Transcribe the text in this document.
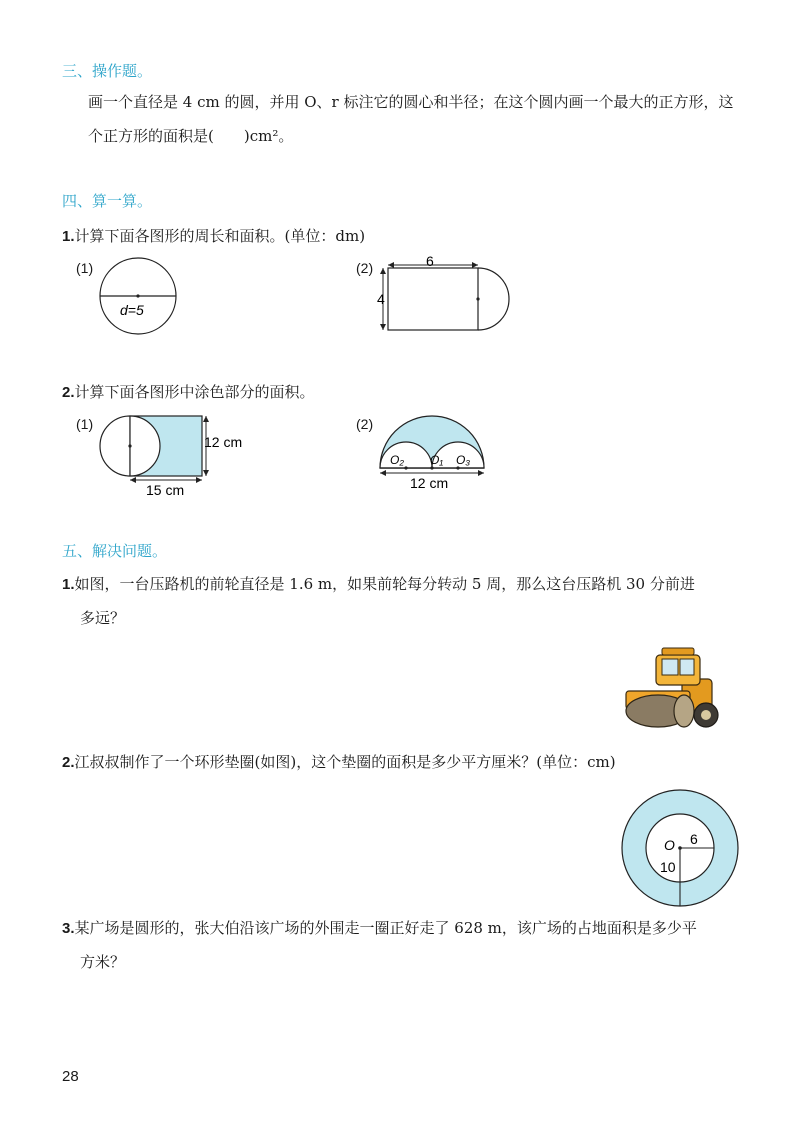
三、操作题。
画一个直径是 4 cm 的圆，并用 O、r 标注它的圆心和半径；在这个圆内画一个最大的正方形，这
个正方形的面积是(　　)cm²。
四、算一算。
1.计算下面各图形的周长和面积。(单位：dm)
(1)
d=5
(2)	6
4
2.计算下面各图形中涂色部分的面积。
(1)
12 cm
15 cm
(2)
O₂ O₁ O₃
12 cm
五、解决问题。
1.如图，一台压路机的前轮直径是 1.6 m，如果前轮每分转动 5 周，那么这台压路机 30 分前进
多远？
2.江叔叔制作了一个环形垫圈(如图)，这个垫圈的面积是多少平方厘米？(单位：cm)
O 6
10
3.某广场是圆形的，张大伯沿该广场的外围走一圈正好走了 628 m，该广场的占地面积是多少平
方米？
28
